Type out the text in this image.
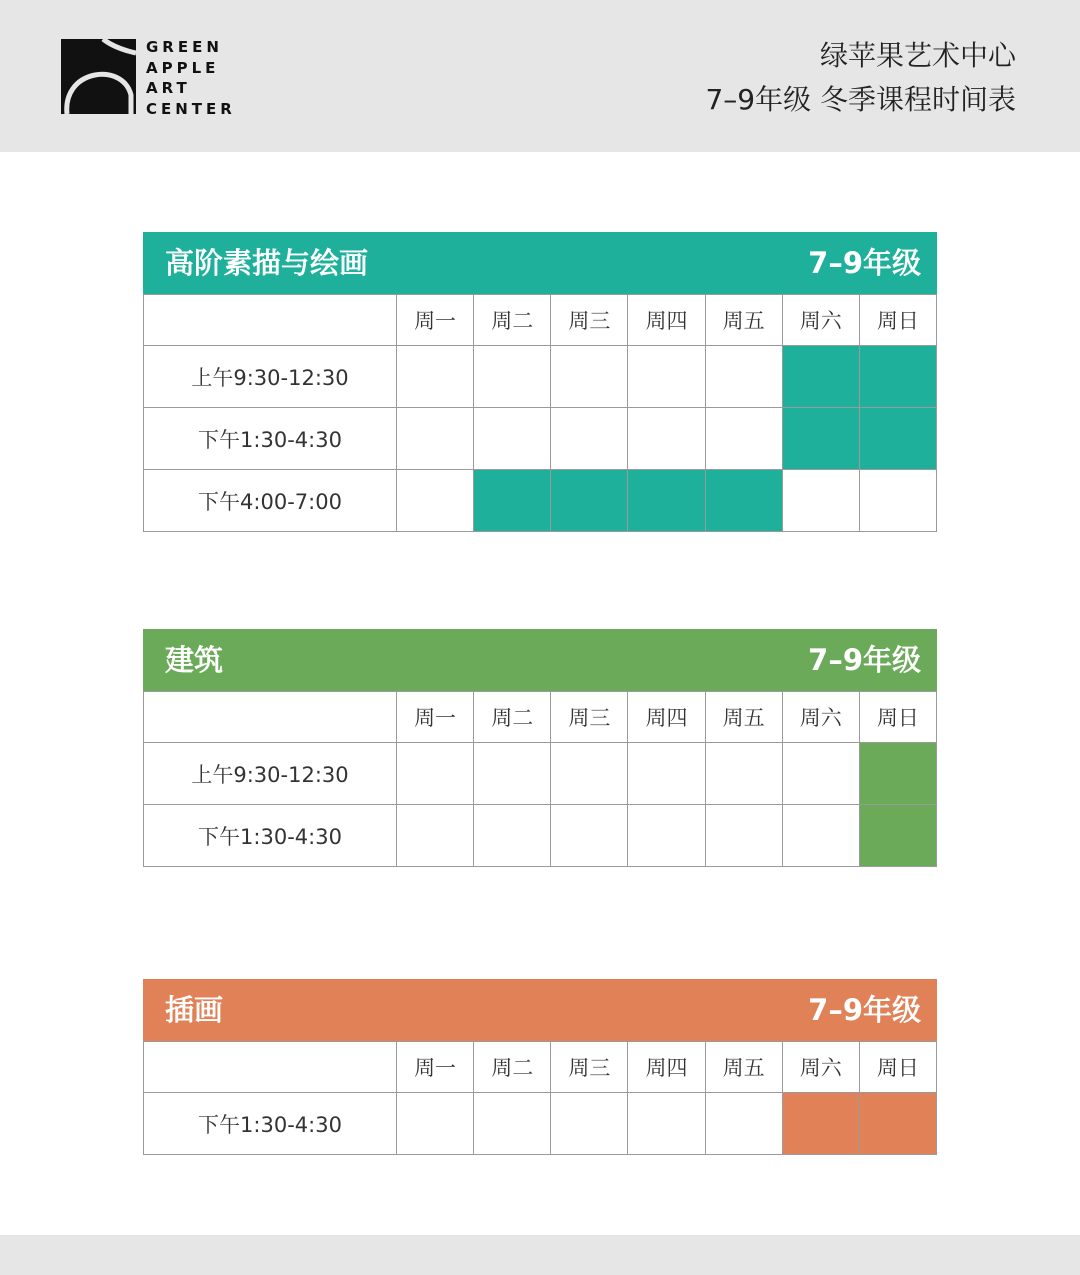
GREEN
APPLE
ART
CENTER
绿苹果艺术中心
7–9年级 冬季课程时间表
高阶素描与绘画	7–9年级
	周一	周二	周三	周四	周五	周六	周日
上午9:30-12:30							
下午1:30-4:30							
下午4:00-7:00							
建筑	7–9年级
	周一	周二	周三	周四	周五	周六	周日
上午9:30-12:30							
下午1:30-4:30							
插画	7–9年级
	周一	周二	周三	周四	周五	周六	周日
下午1:30-4:30							
